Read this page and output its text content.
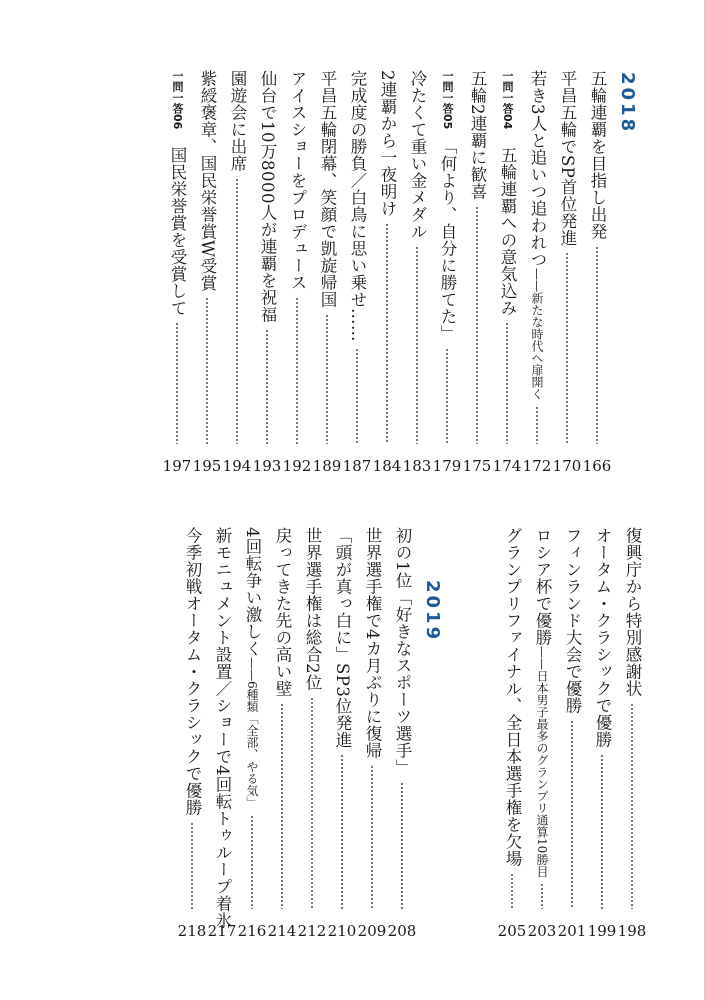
2018
五輪連覇を目指し出発
166
平昌五輪でSP首位発進
170
若き3人と追いつ追われつ——新たな時代へ扉開く
172
一問一答04　五輪連覇への意気込み
174
五輪2連覇に歓喜
175
一問一答05　「何より、自分に勝てた」
179
冷たくて重い金メダル
183
2連覇から一夜明け
184
完成度の勝負／白鳥に思い乗せ……
187
平昌五輪閉幕、笑顔で凱旋帰国
189
アイスショーをプロデュース
192
仙台で10万8000人が連覇を祝福
193
園遊会に出席
194
紫綬褒章、国民栄誉賞W受賞
195
一問一答06　国民栄誉賞を受賞して
197
2019	復興庁から特別感謝状
198
オータム・クラシックで優勝
199
フィンランド大会で優勝
201
ロシア杯で優勝——日本男子最多のグランプリ通算10勝目
203
グランプリファイナル、全日本選手権を欠場
205
初の1位「好きなスポーツ選手」
208
世界選手権で4カ月ぶりに復帰
209
「頭が真っ白に」SP3位発進
210
世界選手権は総合2位
212
戻ってきた先の高い壁
214
4回転争い激しく——6種類「全部、やる気」
216
新モニュメント設置／ショーで4回転トゥループ着氷
217
今季初戦オータム・クラシックで優勝
218
